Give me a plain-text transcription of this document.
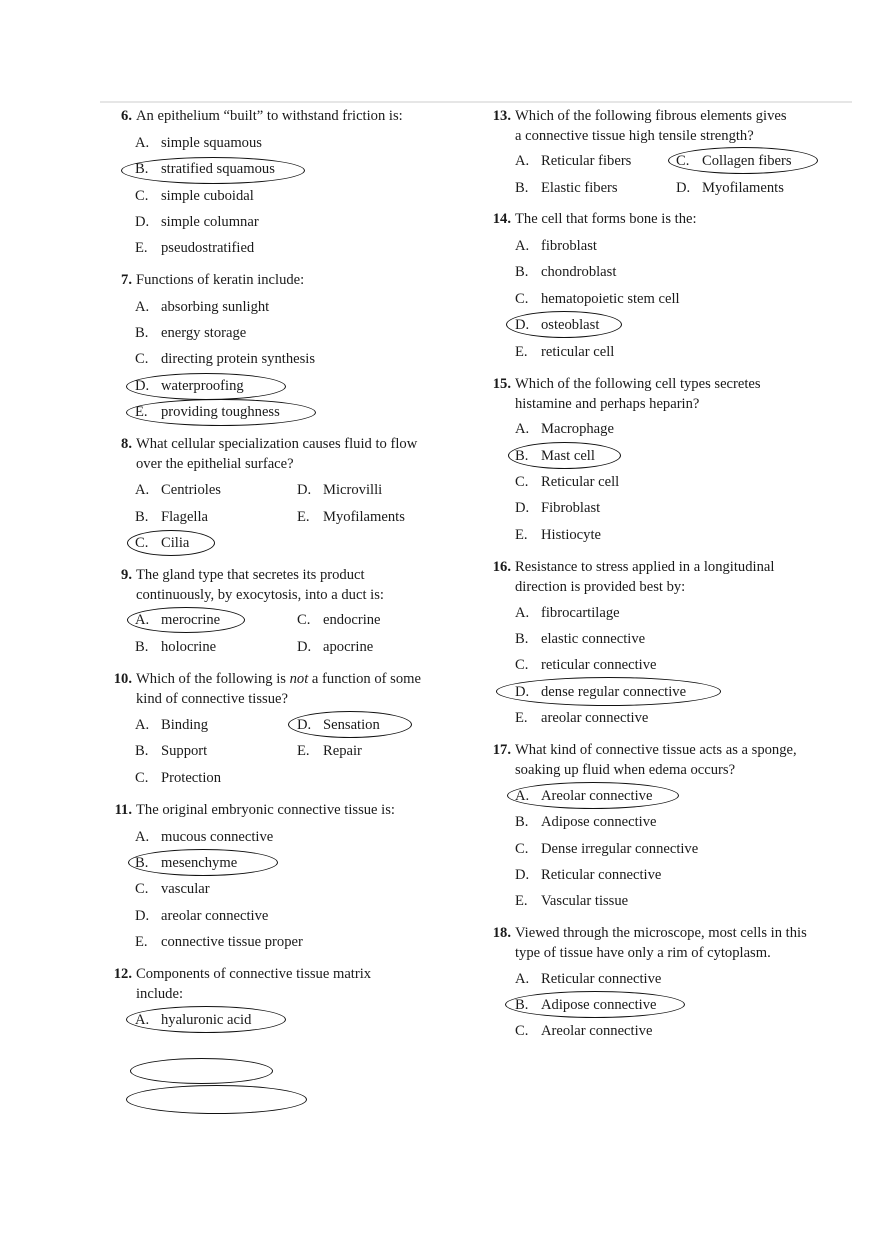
6. An epithelium “built” to withstand friction is:
A. simple squamous
B. stratified squamous
C. simple cuboidal
D. simple columnar
E. pseudostratified
7. Functions of keratin include:
A. absorbing sunlight
B. energy storage
C. directing protein synthesis
D. waterproofing
E. providing toughness
8. What cellular specialization causes fluid to flow
over the epithelial surface?
A. Centrioles
B. Flagella
C. Cilia
D. Microvilli
E. Myofilaments
9. The gland type that secretes its product
continuously, by exocytosis, into a duct is:
A. merocrine
B. holocrine
C. endocrine
D. apocrine
10. Which of the following is not a function of some
kind of connective tissue?
A. Binding
B. Support
C. Protection
D. Sensation
E. Repair
11. The original embryonic connective tissue is:
A. mucous connective
B. mesenchyme
C. vascular
D. areolar connective
E. connective tissue proper
12. Components of connective tissue matrix
include:
A. hyaluronic acid
13. Which of the following fibrous elements gives
a connective tissue high tensile strength?
A. Reticular fibers
B. Elastic fibers
C. Collagen fibers
D. Myofilaments
14. The cell that forms bone is the:
A. fibroblast
B. chondroblast
C. hematopoietic stem cell
D. osteoblast
E. reticular cell
15. Which of the following cell types secretes
histamine and perhaps heparin?
A. Macrophage
B. Mast cell
C. Reticular cell
D. Fibroblast
E. Histiocyte
16. Resistance to stress applied in a longitudinal
direction is provided best by:
A. fibrocartilage
B. elastic connective
C. reticular connective
D. dense regular connective
E. areolar connective
17. What kind of connective tissue acts as a sponge,
soaking up fluid when edema occurs?
A. Areolar connective
B. Adipose connective
C. Dense irregular connective
D. Reticular connective
E. Vascular tissue
18. Viewed through the microscope, most cells in this
type of tissue have only a rim of cytoplasm.
A. Reticular connective
B. Adipose connective
C. Areolar connective
